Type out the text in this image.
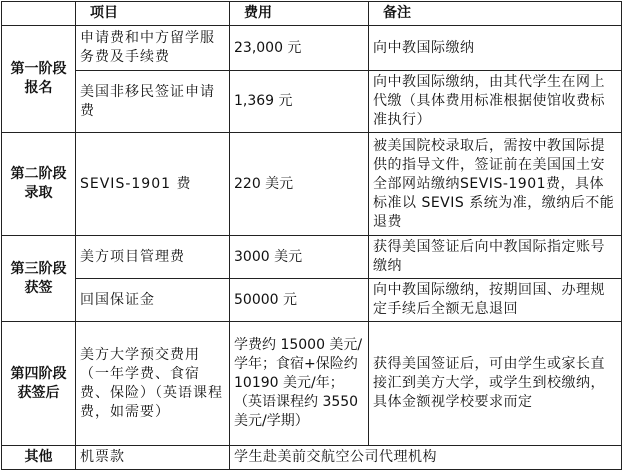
	项目	费用	备注
第一阶段
报名	申请费和中方留学服务费及手续费	23,000 元	向中教国际缴纳
	美国非移民签证申请费	1,369 元	向中教国际缴纳，由其代学生在网上代缴（具体费用标准根据使馆收费标准执行）
第二阶段
录取	SEVIS-1901 费	220 美元	被美国院校录取后，需按中教国际提供的指导文件，签证前在美国国土安全部网站缴纳SEVIS-1901费，具体标准以 SEVIS 系统为准，缴纳后不能退费
第三阶段
获签	美方项目管理费	3000 美元	获得美国签证后向中教国际指定账号缴纳
	回国保证金	50000 元	向中教国际缴纳，按期回国、办理规定手续后全额无息退回
第四阶段
获签后	美方大学预交费用（一年学费、食宿费、保险）（英语课程费，如需要）	学费约 15000 美元/学年；食宿+保险约 10190 美元/年；（英语课程约 3550 美元/学期）	获得美国签证后，可由学生或家长直接汇到美方大学，或学生到校缴纳，具体金额视学校要求而定
其他	机票款	学生赴美前交航空公司代理机构	
